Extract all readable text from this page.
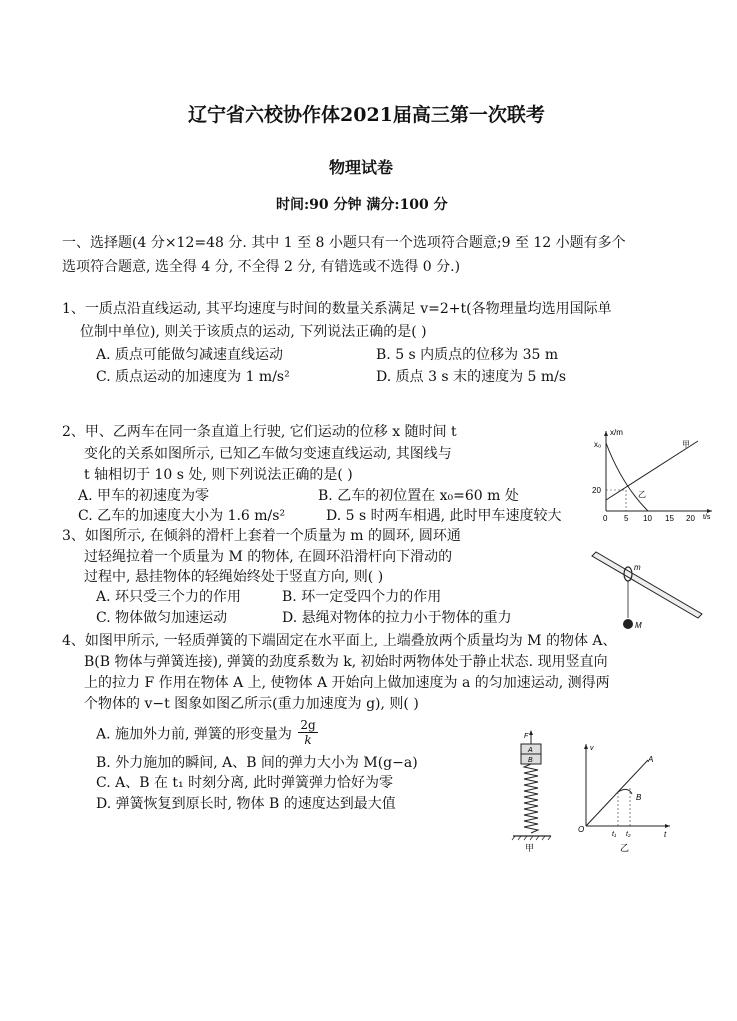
辽宁省六校协作体2021届高三第一次联考
物理试卷
时间:90 分钟 满分:100 分
一、选择题(4 分×12=48 分. 其中 1 至 8 小题只有一个选项符合题意;9 至 12 小题有多个
选项符合题意, 选全得 4 分, 不全得 2 分, 有错选或不选得 0 分.)
1、一质点沿直线运动, 其平均速度与时间的数量关系满足 v=2+t(各物理量均选用国际单
位制中单位), 则关于该质点的运动, 下列说法正确的是( )
A. 质点可能做匀减速直线运动	B. 5 s 内质点的位移为 35 m
C. 质点运动的加速度为 1 m/s²	D. 质点 3 s 末的速度为 5 m/s
2、甲、乙两车在同一条直道上行驶, 它们运动的位移 x 随时间 t
变化的关系如图所示, 已知乙车做匀变速直线运动, 其图线与
t 轴相切于 10 s 处, 则下列说法正确的是( )
A. 甲车的初速度为零	B. 乙车的初位置在 x₀=60 m 处
C. 乙车的加速度大小为 1.6 m/s²	D. 5 s 时两车相遇, 此时甲车速度较大
x/m
t/s
x₀
20
0 5 10 15 20
甲
乙
3、如图所示, 在倾斜的滑杆上套着一个质量为 m 的圆环, 圆环通
过轻绳拉着一个质量为 M 的物体, 在圆环沿滑杆向下滑动的
过程中, 悬挂物体的轻绳始终处于竖直方向, 则( )
A. 环只受三个力的作用	B. 环一定受四个力的作用
C. 物体做匀加速运动	D. 悬绳对物体的拉力小于物体的重力
m
M
4、如图甲所示, 一轻质弹簧的下端固定在水平面上, 上端叠放两个质量均为 M 的物体 A、
B(B 物体与弹簧连接), 弹簧的劲度系数为 k, 初始时两物体处于静止状态. 现用竖直向
上的拉力 F 作用在物体 A 上, 使物体 A 开始向上做加速度为 a 的匀加速运动, 测得两
个物体的 v−t 图象如图乙所示(重力加速度为 g), 则( )
A. 施加外力前, 弹簧的形变量为 $\frac{2g}{k}$
B. 外力施加的瞬间, A、B 间的弹力大小为 M(g−a)
C. A、B 在 t₁ 时刻分离, 此时弹簧弹力恰好为零
D. 弹簧恢复到原长时, 物体 B 的速度达到最大值
F
A
B
甲
v
t
O
A
B
t₁ t₂
乙
